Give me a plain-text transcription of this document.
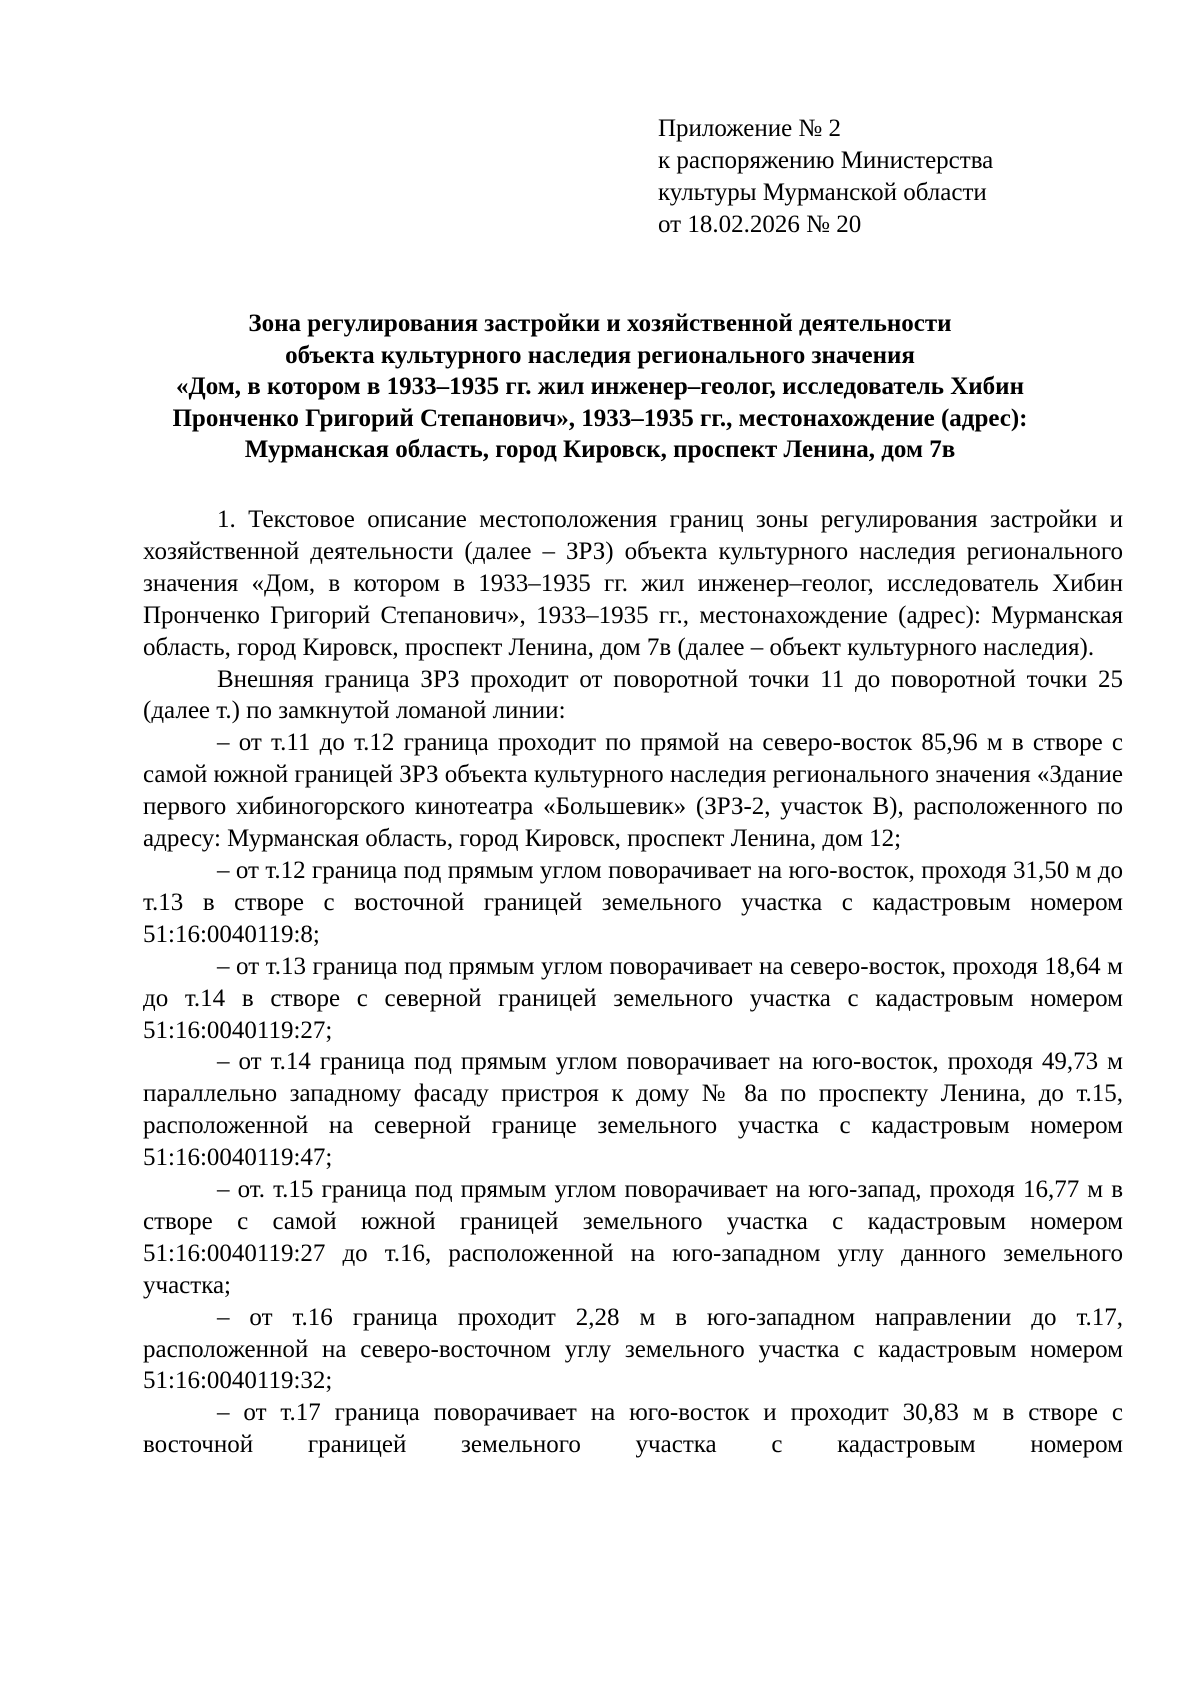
Приложение № 2
к распоряжению Министерства
культуры Мурманской области
от 18.02.2026 № 20
Зона регулирования застройки и хозяйственной деятельности
объекта культурного наследия регионального значения
«Дом, в котором в 1933–1935 гг. жил инженер–геолог, исследователь Хибин
Пронченко Григорий Степанович», 1933–1935 гг., местонахождение (адрес):
Мурманская область, город Кировск, проспект Ленина, дом 7в

1. Текстовое описание местоположения границ зоны регулирования застройки и хозяйственной деятельности (далее – ЗРЗ) объекта культурного наследия регионального значения «Дом, в котором в 1933–1935 гг. жил инженер–геолог, исследователь Хибин Пронченко Григорий Степанович», 1933–1935 гг., местонахождение (адрес): Мурманская область, город Кировск, проспект Ленина, дом 7в (далее – объект культурного наследия).

Внешняя граница ЗРЗ проходит от поворотной точки 11 до поворотной точки 25 (далее т.) по замкнутой ломаной линии:

– от т.11 до т.12 граница проходит по прямой на северо-восток 85,96 м в створе с самой южной границей ЗРЗ объекта культурного наследия регионального значения «Здание первого хибиногорского кинотеатра «Большевик» (ЗРЗ-2, участок В), расположенного по адресу: Мурманская область, город Кировск, проспект Ленина, дом 12;

– от т.12 граница под прямым углом поворачивает на юго-восток, проходя 31,50 м до т.13 в створе с восточной границей земельного участка с кадастровым номером 51:16:0040119:8;

– от т.13 граница под прямым углом поворачивает на северо-восток, проходя 18,64 м до т.14 в створе с северной границей земельного участка с кадастровым номером 51:16:0040119:27;

– от т.14 граница под прямым углом поворачивает на юго-восток, проходя 49,73 м параллельно западному фасаду пристроя к дому № 8а по проспекту Ленина, до т.15, расположенной на северной границе земельного участка с кадастровым номером 51:16:0040119:47;

– от. т.15 граница под прямым углом поворачивает на юго-запад, проходя 16,77 м в створе с самой южной границей земельного участка с кадастровым номером 51:16:0040119:27 до т.16, расположенной на юго-западном углу данного земельного участка;

– от т.16 граница проходит 2,28 м в юго-западном направлении до т.17, расположенной на северо-восточном углу земельного участка с кадастровым номером 51:16:0040119:32;

– от т.17 граница поворачивает на юго-восток и проходит 30,83 м в створе с восточной границей земельного участка с кадастровым номером
